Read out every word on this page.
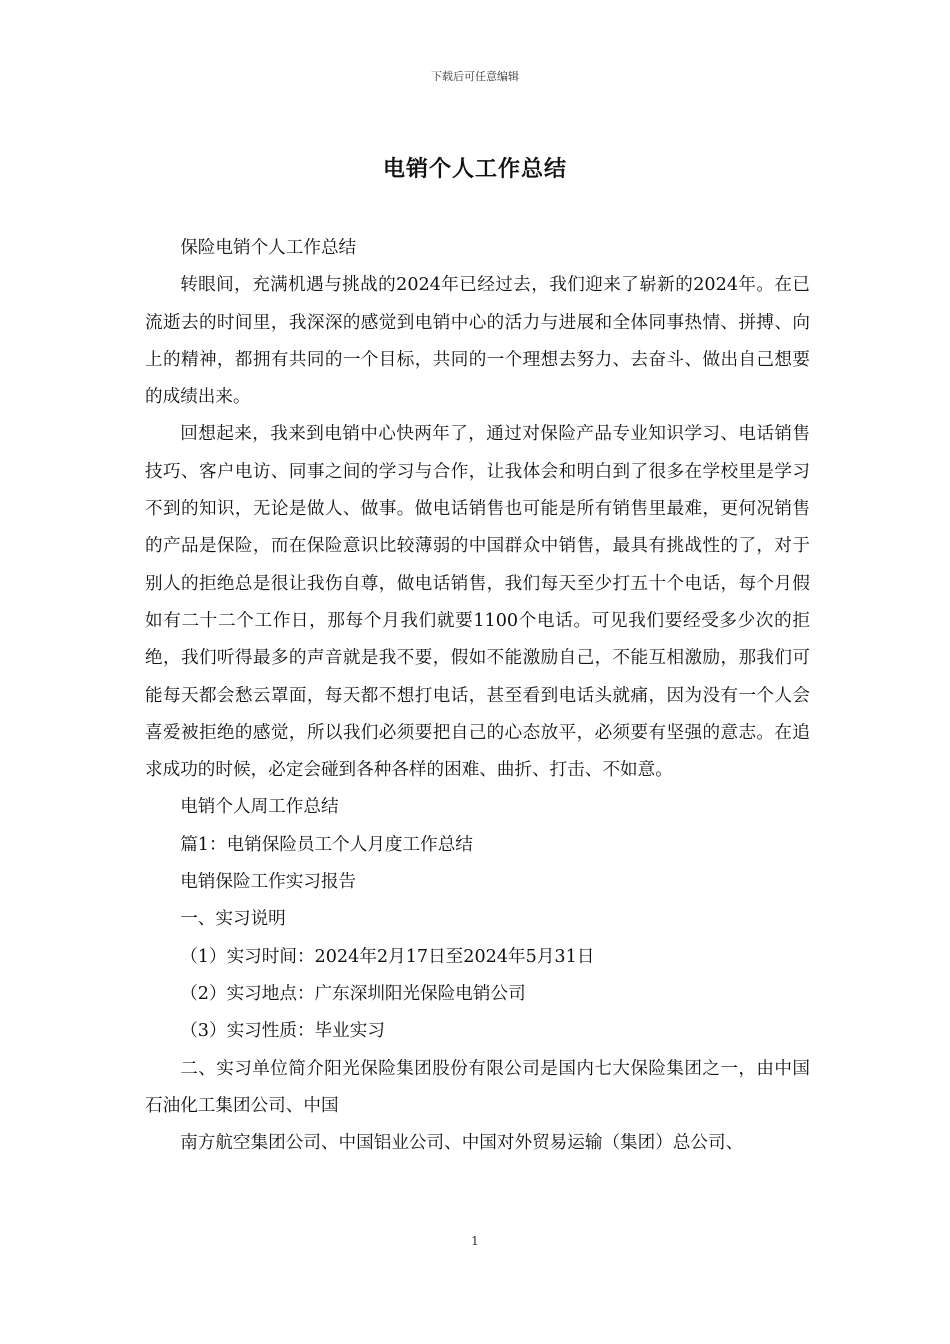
下载后可任意编辑
电销个人工作总结

保险电销个人工作总结

转眼间，充满机遇与挑战的2024年已经过去，我们迎来了崭新的2024年。在已流逝去的时间里，我深深的感觉到电销中心的活力与进展和全体同事热情、拼搏、向上的精神，都拥有共同的一个目标，共同的一个理想去努力、去奋斗、做出自己想要的成绩出来。

回想起来，我来到电销中心快两年了，通过对保险产品专业知识学习、电话销售技巧、客户电访、同事之间的学习与合作，让我体会和明白到了很多在学校里是学习不到的知识，无论是做人、做事。做电话销售也可能是所有销售里最难，更何况销售的产品是保险，而在保险意识比较薄弱的中国群众中销售，最具有挑战性的了，对于别人的拒绝总是很让我伤自尊，做电话销售，我们每天至少打五十个电话，每个月假如有二十二个工作日，那每个月我们就要1100个电话。可见我们要经受多少次的拒绝，我们听得最多的声音就是我不要，假如不能激励自己，不能互相激励，那我们可能每天都会愁云罩面，每天都不想打电话，甚至看到电话头就痛，因为没有一个人会喜爱被拒绝的感觉，所以我们必须要把自己的心态放平，必须要有坚强的意志。在追求成功的时候，必定会碰到各种各样的困难、曲折、打击、不如意。

电销个人周工作总结

篇1：电销保险员工个人月度工作总结

电销保险工作实习报告

一、实习说明

（1）实习时间：2024年2月17日至2024年5月31日

（2）实习地点：广东深圳阳光保险电销公司

（3）实习性质：毕业实习

二、实习单位简介阳光保险集团股份有限公司是国内七大保险集团之一，由中国石油化工集团公司、中国

南方航空集团公司、中国铝业公司、中国对外贸易运输（集团）总公司、

1
